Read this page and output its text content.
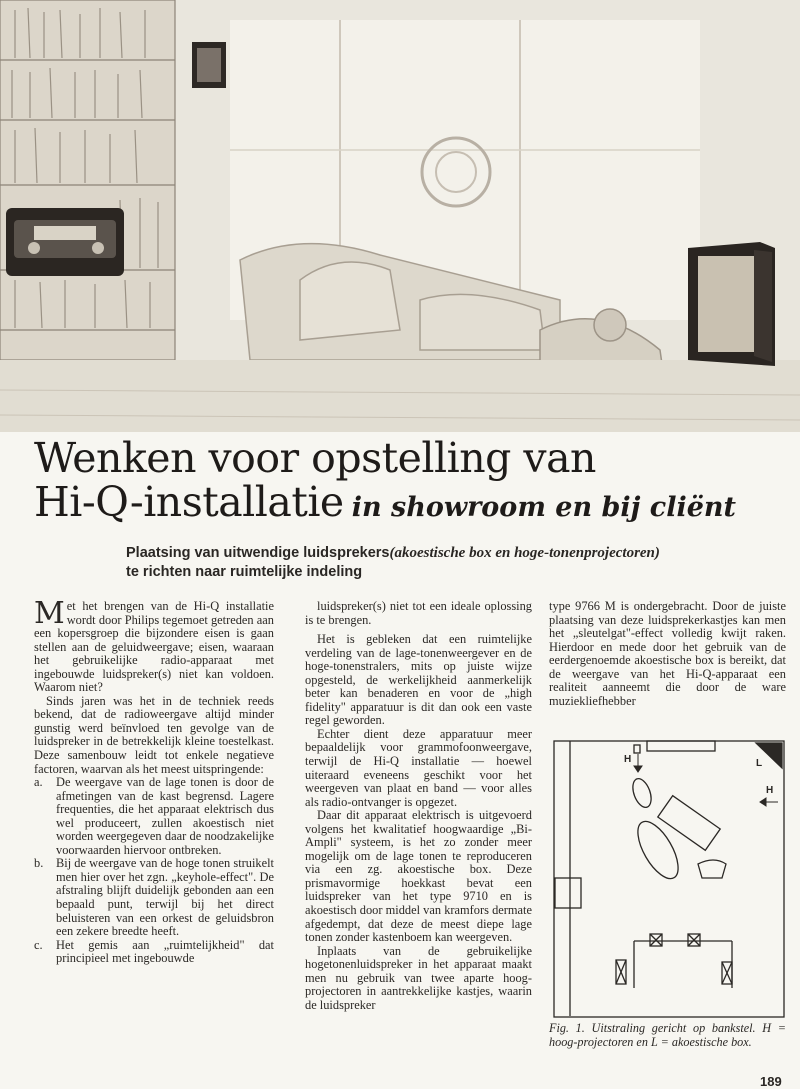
Wenken voor opstelling van
Hi-Q-installatie in showroom en bij cliënt
Plaatsing van uitwendige luidsprekers(akoestische box en hoge-tonenprojectoren)
te richten naar ruimtelijke indeling

Met het brengen van de Hi-Q installatie wordt door Philips tegemoet getreden aan een kopersgroep die bijzondere eisen is gaan stellen aan de geluidweergave; eisen, waaraan het gebruikelijke radio-apparaat met ingebouwde luidspreker(s) niet kan voldoen. Waarom niet?

Sinds jaren was het in de techniek reeds bekend, dat de radioweergave altijd minder gunstig werd beïnvloed ten gevolge van de luidspreker in de betrekkelijk kleine toestelkast. Deze samenbouw leidt tot enkele negatieve factoren, waarvan als het meest uitspringende:

a. De weergave van de lage tonen is door de afmetingen van de kast begrensd. Lagere frequenties, die het apparaat elektrisch dus wel produceert, zullen akoestisch niet worden weergegeven daar de noodzakelijke voorwaarden hiervoor ontbreken.

b. Bij de weergave van de hoge tonen struikelt men hier over het zgn. „keyhole-effect". De afstraling blijft duidelijk gebonden aan een bepaald punt, terwijl bij het direct beluisteren van een orkest de geluidsbron een zekere breedte heeft.

c. Het gemis aan „ruimtelijkheid" dat principieel met ingebouwde

luidspreker(s) niet tot een ideale oplossing is te brengen.

Het is gebleken dat een ruimtelijke verdeling van de lage-tonenweergever en de hoge-tonenstralers, mits op juiste wijze opgesteld, de werkelijkheid aanmerkelijk beter kan benaderen en voor de „high fidelity" apparatuur is dit dan ook een vaste regel geworden.

Echter dient deze apparatuur meer bepaaldelijk voor grammofoonweergave, terwijl de Hi-Q installatie — hoewel uiteraard eveneens geschikt voor het weergeven van plaat en band — voor alles als radio-ontvanger is opgezet.

Daar dit apparaat elektrisch is uitgevoerd volgens het kwalitatief hoogwaardige „Bi-Ampli" systeem, is het zo zonder meer mogelijk om de lage tonen te reproduceren via een zg. akoestische box. Deze prismavormige hoekkast bevat een luidspreker van het type 9710 en is akoestisch door middel van kramfors dermate afgedempt, dat deze de meest diepe lage tonen zonder kastenboem kan weergeven.

Inplaats van de gebruikelijke hogetonenluidspreker in het apparaat maakt men nu gebruik van twee aparte hoog-projectoren in aantrekkelijke kastjes, waarin de luidspreker

type 9766 M is ondergebracht. Door de juiste plaatsing van deze luidsprekerkastjes kan men het „sleutelgat"-effect volledig kwijt raken. Hierdoor en mede door het gebruik van de eerdergenoemde akoestische box is bereikt, dat de weergave van het Hi-Q-apparaat een realiteit aanneemt die door de ware muziekliefhebber

H
H
L
Fig. 1. Uitstraling gericht op bankstel. H = hoog-projectoren en L = akoestische box.
189
